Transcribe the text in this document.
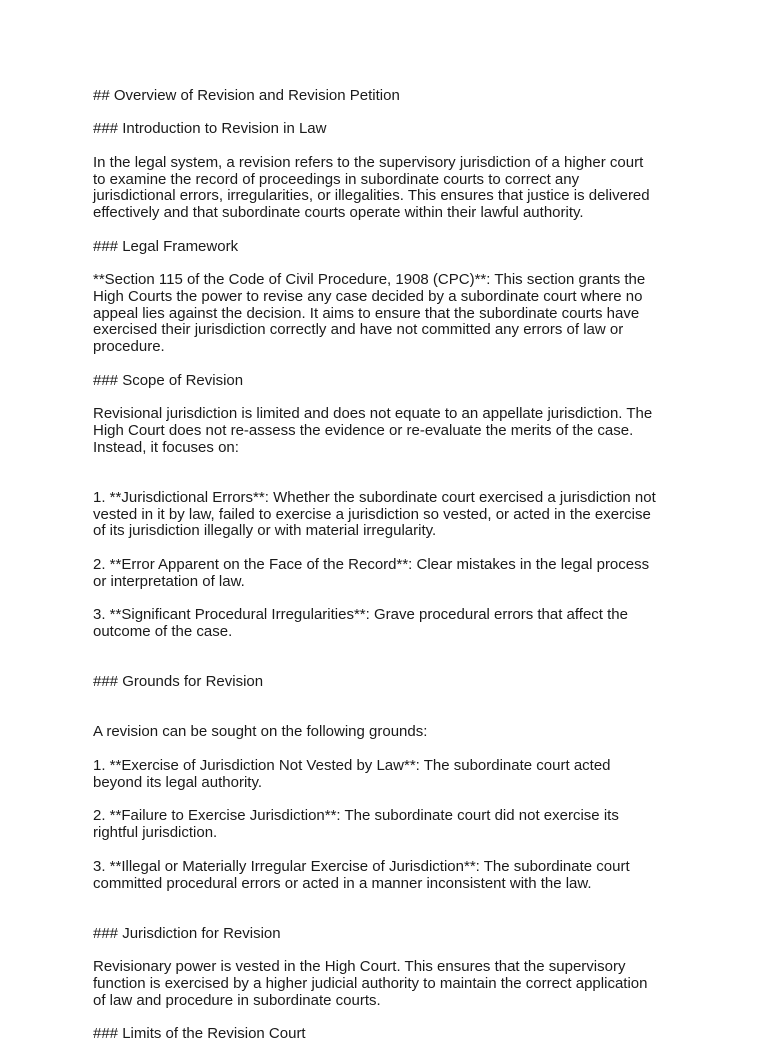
## Overview of Revision and Revision Petition
### Introduction to Revision in Law
In the legal system, a revision refers to the supervisory jurisdiction of a higher court
to examine the record of proceedings in subordinate courts to correct any
jurisdictional errors, irregularities, or illegalities. This ensures that justice is delivered
effectively and that subordinate courts operate within their lawful authority.
### Legal Framework
**Section 115 of the Code of Civil Procedure, 1908 (CPC)**: This section grants the
High Courts the power to revise any case decided by a subordinate court where no
appeal lies against the decision. It aims to ensure that the subordinate courts have
exercised their jurisdiction correctly and have not committed any errors of law or
procedure.
### Scope of Revision
Revisional jurisdiction is limited and does not equate to an appellate jurisdiction. The
High Court does not re-assess the evidence or re-evaluate the merits of the case.
Instead, it focuses on:

1. **Jurisdictional Errors**: Whether the subordinate court exercised a jurisdiction not
vested in it by law, failed to exercise a jurisdiction so vested, or acted in the exercise
of its jurisdiction illegally or with material irregularity.

2. **Error Apparent on the Face of the Record**: Clear mistakes in the legal process
or interpretation of law.

3. **Significant Procedural Irregularities**: Grave procedural errors that affect the
outcome of the case.

### Grounds for Revision

A revision can be sought on the following grounds:

1. **Exercise of Jurisdiction Not Vested by Law**: The subordinate court acted
beyond its legal authority.

2. **Failure to Exercise Jurisdiction**: The subordinate court did not exercise its
rightful jurisdiction.

3. **Illegal or Materially Irregular Exercise of Jurisdiction**: The subordinate court
committed procedural errors or acted in a manner inconsistent with the law.

### Jurisdiction for Revision
Revisionary power is vested in the High Court. This ensures that the supervisory
function is exercised by a higher judicial authority to maintain the correct application
of law and procedure in subordinate courts.
### Limits of the Revision Court
